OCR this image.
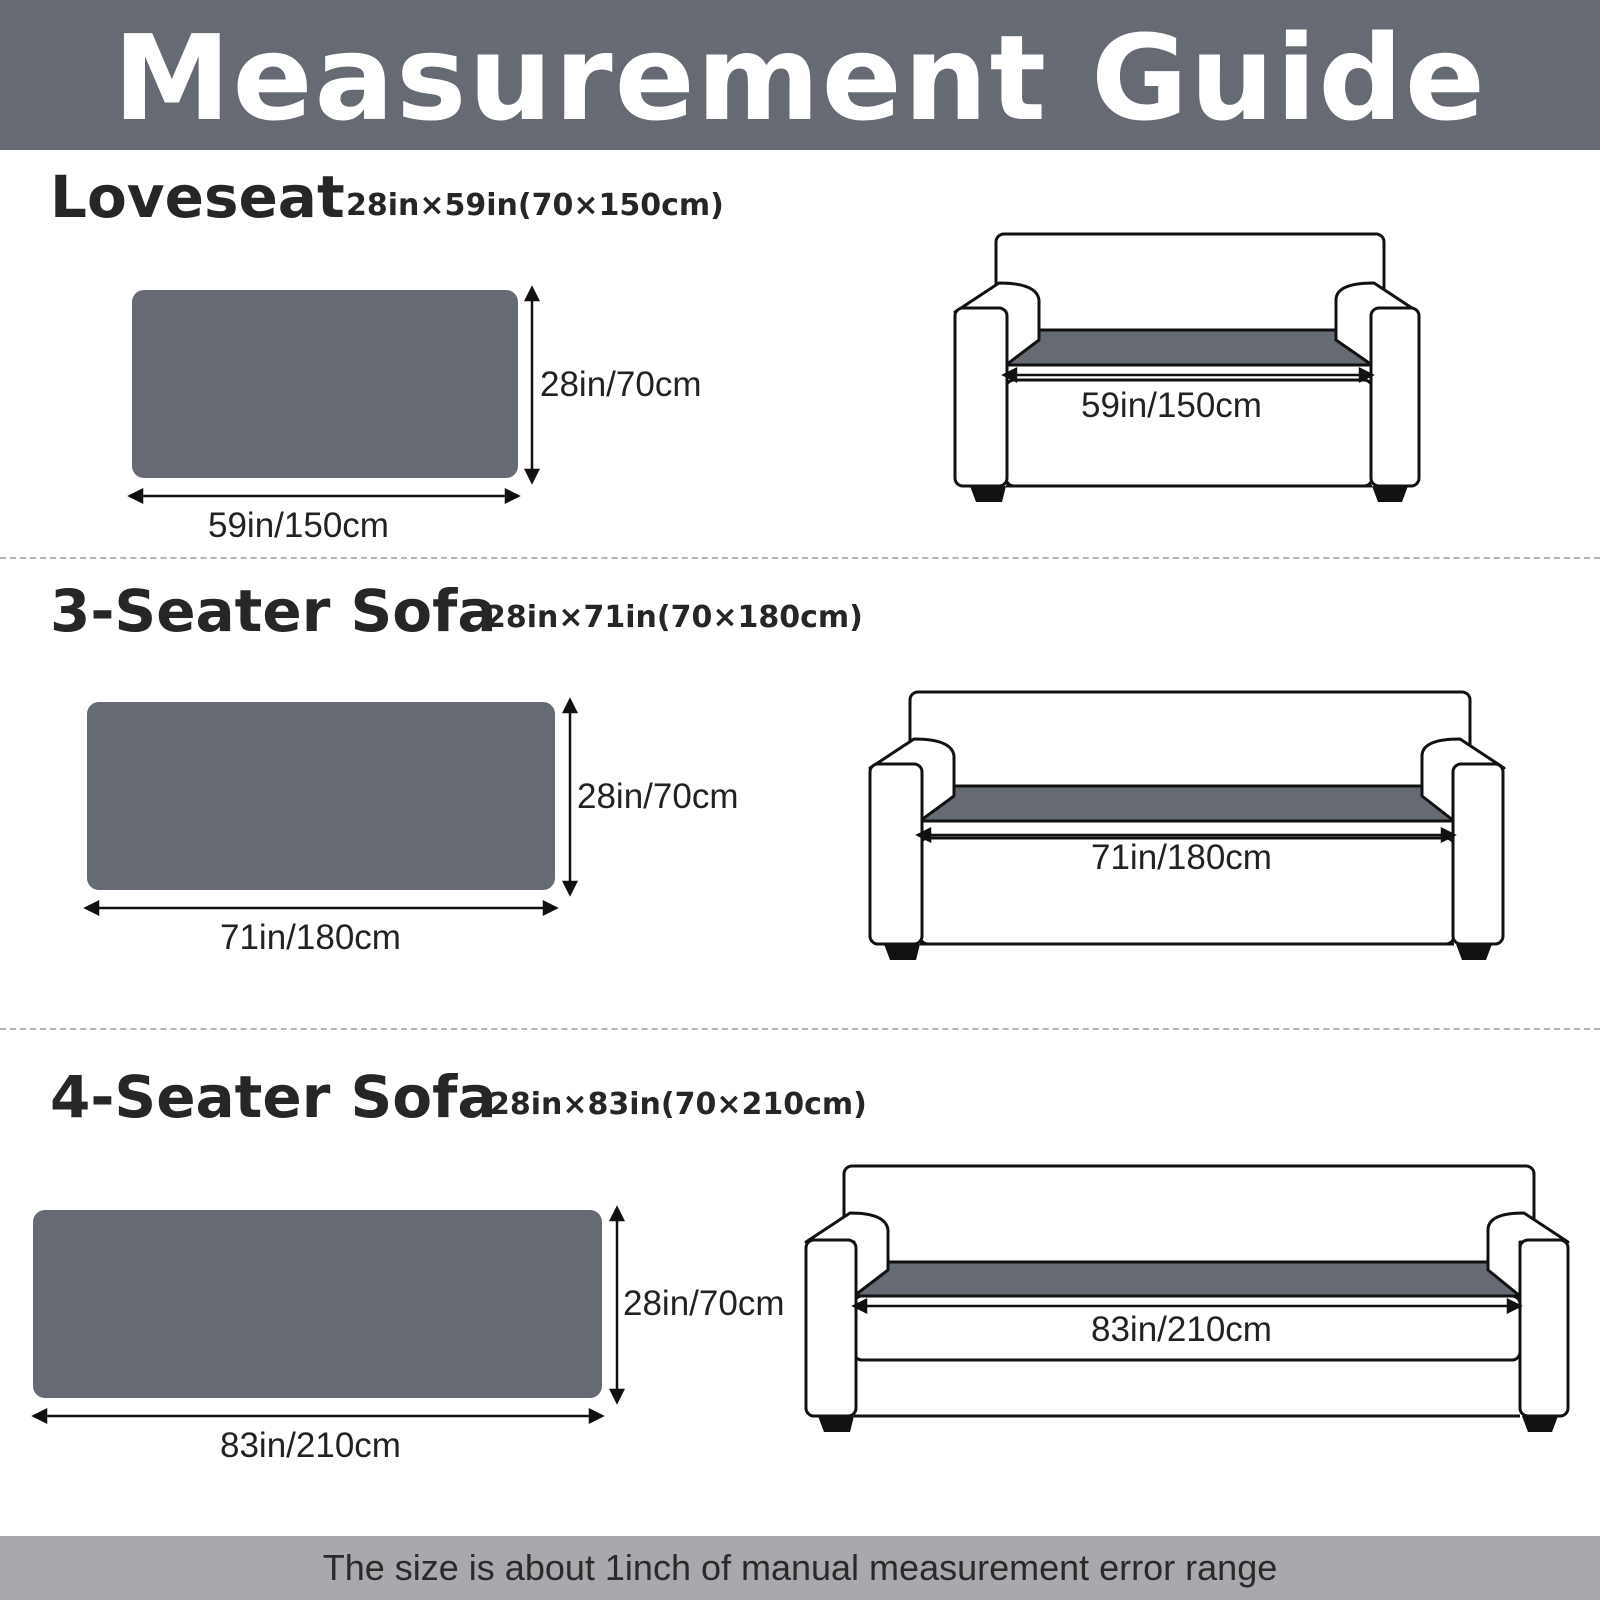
Measurement Guide
Loveseat 28in×59in(70×150cm)
59in/150cm
28in/70cm
59in/150cm
3-Seater Sofa
28in×71in(70×180cm)
71in/180cm
28in/70cm
71in/180cm
4-Seater Sofa
28in×83in(70×210cm)
83in/210cm
28in/70cm
83in/210cm
The size is about 1inch of manual measurement error range
